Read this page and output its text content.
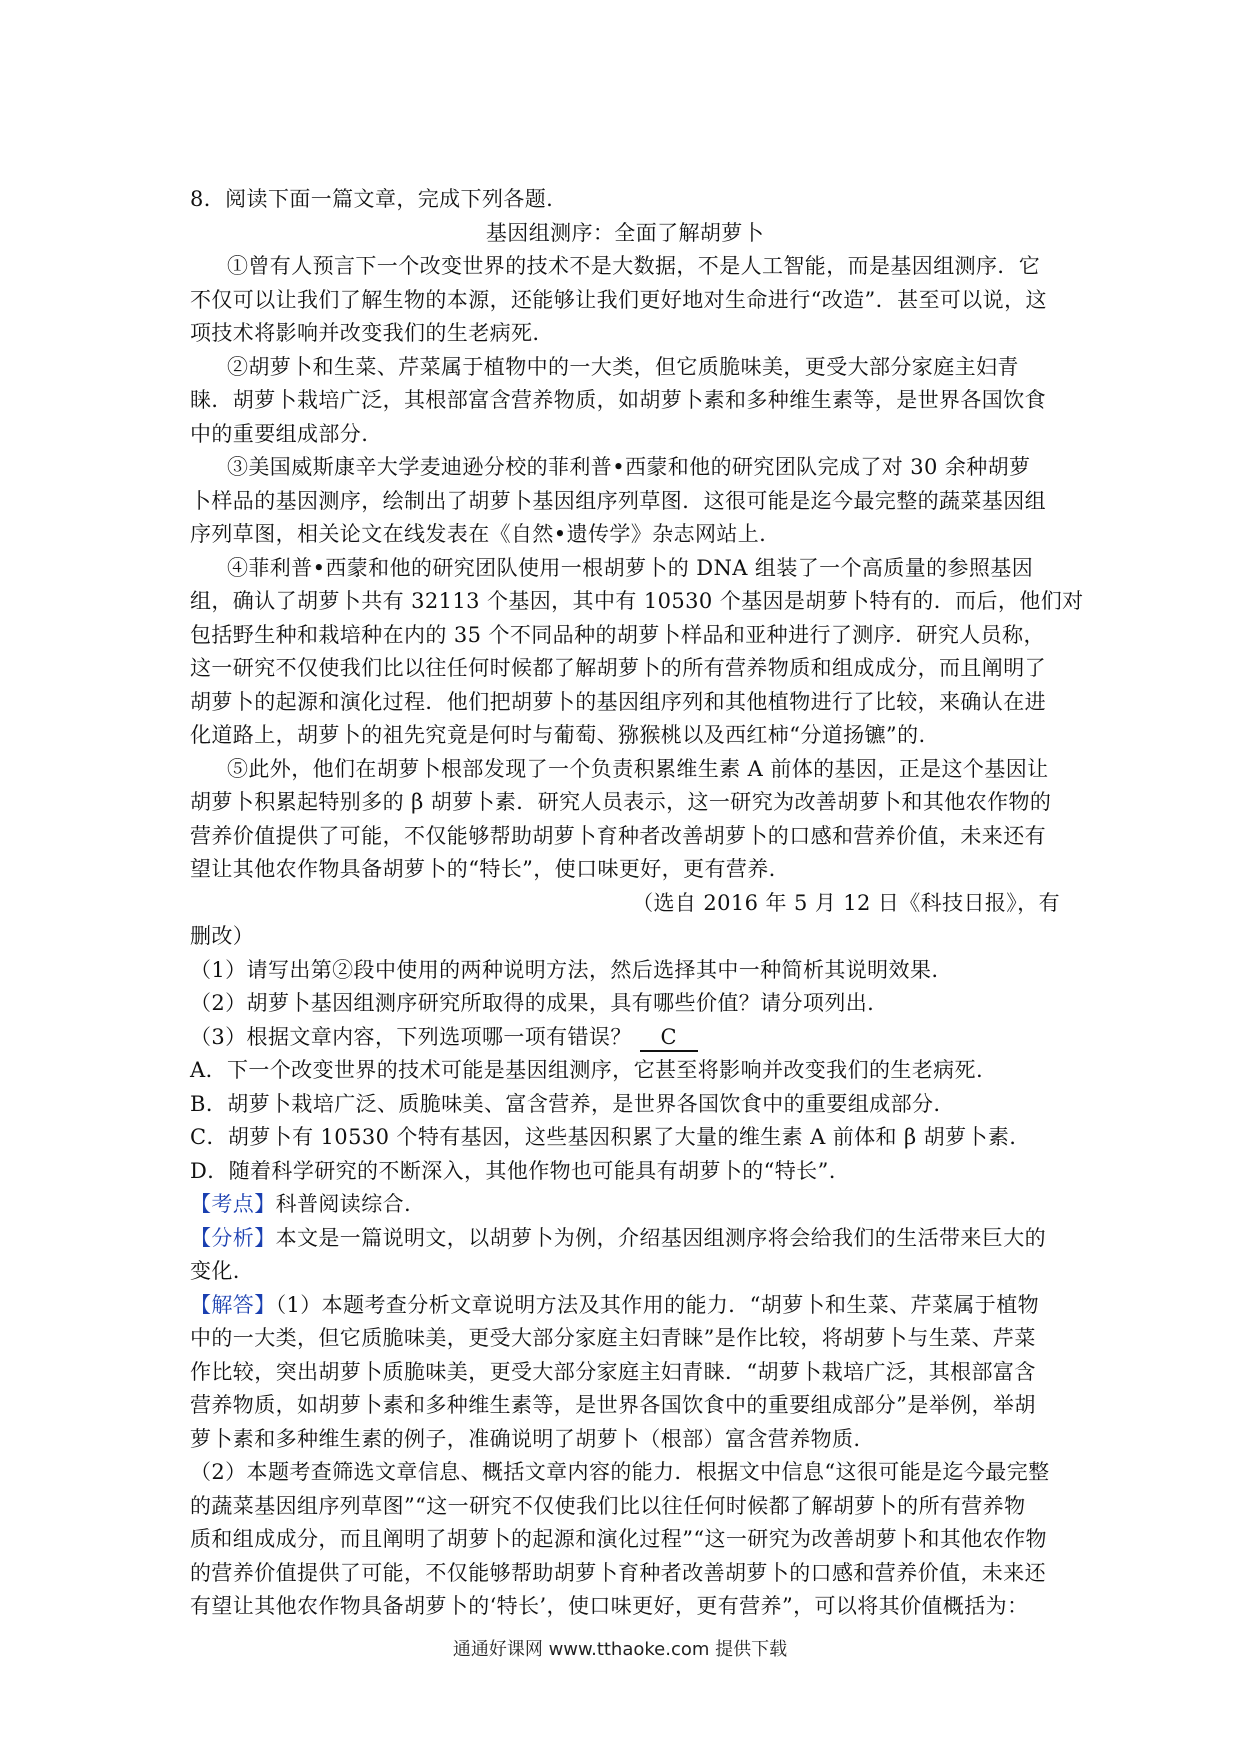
8．阅读下面一篇文章，完成下列各题.
基因组测序：全面了解胡萝卜
①曾有人预言下一个改变世界的技术不是大数据，不是人工智能，而是基因组测序．它
不仅可以让我们了解生物的本源，还能够让我们更好地对生命进行“改造”．甚至可以说，这
项技术将影响并改变我们的生老病死.
②胡萝卜和生菜、芹菜属于植物中的一大类，但它质脆味美，更受大部分家庭主妇青
睐．胡萝卜栽培广泛，其根部富含营养物质，如胡萝卜素和多种维生素等，是世界各国饮食
中的重要组成部分.
③美国威斯康辛大学麦迪逊分校的菲利普•西蒙和他的研究团队完成了对 30 余种胡萝
卜样品的基因测序，绘制出了胡萝卜基因组序列草图．这很可能是迄今最完整的蔬菜基因组
序列草图，相关论文在线发表在《自然•遗传学》杂志网站上.
④菲利普•西蒙和他的研究团队使用一根胡萝卜的 DNA 组装了一个高质量的参照基因
组，确认了胡萝卜共有 32113 个基因，其中有 10530 个基因是胡萝卜特有的．而后，他们对
包括野生种和栽培种在内的 35 个不同品种的胡萝卜样品和亚种进行了测序．研究人员称，
这一研究不仅使我们比以往任何时候都了解胡萝卜的所有营养物质和组成成分，而且阐明了
胡萝卜的起源和演化过程．他们把胡萝卜的基因组序列和其他植物进行了比较，来确认在进
化道路上，胡萝卜的祖先究竟是何时与葡萄、猕猴桃以及西红柿“分道扬镳”的.
⑤此外，他们在胡萝卜根部发现了一个负责积累维生素 A 前体的基因，正是这个基因让
胡萝卜积累起特别多的 β 胡萝卜素．研究人员表示，这一研究为改善胡萝卜和其他农作物的
营养价值提供了可能，不仅能够帮助胡萝卜育种者改善胡萝卜的口感和营养价值，未来还有
望让其他农作物具备胡萝卜的“特长”，使口味更好，更有营养.
（选自 2016 年 5 月 12 日《科技日报》，有
删改）
（1）请写出第②段中使用的两种说明方法，然后选择其中一种简析其说明效果.
（2）胡萝卜基因组测序研究所取得的成果，具有哪些价值？请分项列出.
（3）根据文章内容，下列选项哪一项有错误？ C
A．下一个改变世界的技术可能是基因组测序，它甚至将影响并改变我们的生老病死.
B．胡萝卜栽培广泛、质脆味美、富含营养，是世界各国饮食中的重要组成部分.
C．胡萝卜有 10530 个特有基因，这些基因积累了大量的维生素 A 前体和 β 胡萝卜素.
D．随着科学研究的不断深入，其他作物也可能具有胡萝卜的“特长”.
【考点】科普阅读综合.
【分析】本文是一篇说明文，以胡萝卜为例，介绍基因组测序将会给我们的生活带来巨大的
变化.
【解答】（1）本题考查分析文章说明方法及其作用的能力．“胡萝卜和生菜、芹菜属于植物
中的一大类，但它质脆味美，更受大部分家庭主妇青睐”是作比较，将胡萝卜与生菜、芹菜
作比较，突出胡萝卜质脆味美，更受大部分家庭主妇青睐．“胡萝卜栽培广泛，其根部富含
营养物质，如胡萝卜素和多种维生素等，是世界各国饮食中的重要组成部分”是举例，举胡
萝卜素和多种维生素的例子，准确说明了胡萝卜（根部）富含营养物质.
（2）本题考查筛选文章信息、概括文章内容的能力．根据文中信息“这很可能是迄今最完整
的蔬菜基因组序列草图”“这一研究不仅使我们比以往任何时候都了解胡萝卜的所有营养物
质和组成成分，而且阐明了胡萝卜的起源和演化过程”“这一研究为改善胡萝卜和其他农作物
的营养价值提供了可能，不仅能够帮助胡萝卜育种者改善胡萝卜的口感和营养价值，未来还
有望让其他农作物具备胡萝卜的‘特长’，使口味更好，更有营养”，可以将其价值概括为：
通通好课网 www.tthaoke.com 提供下载
